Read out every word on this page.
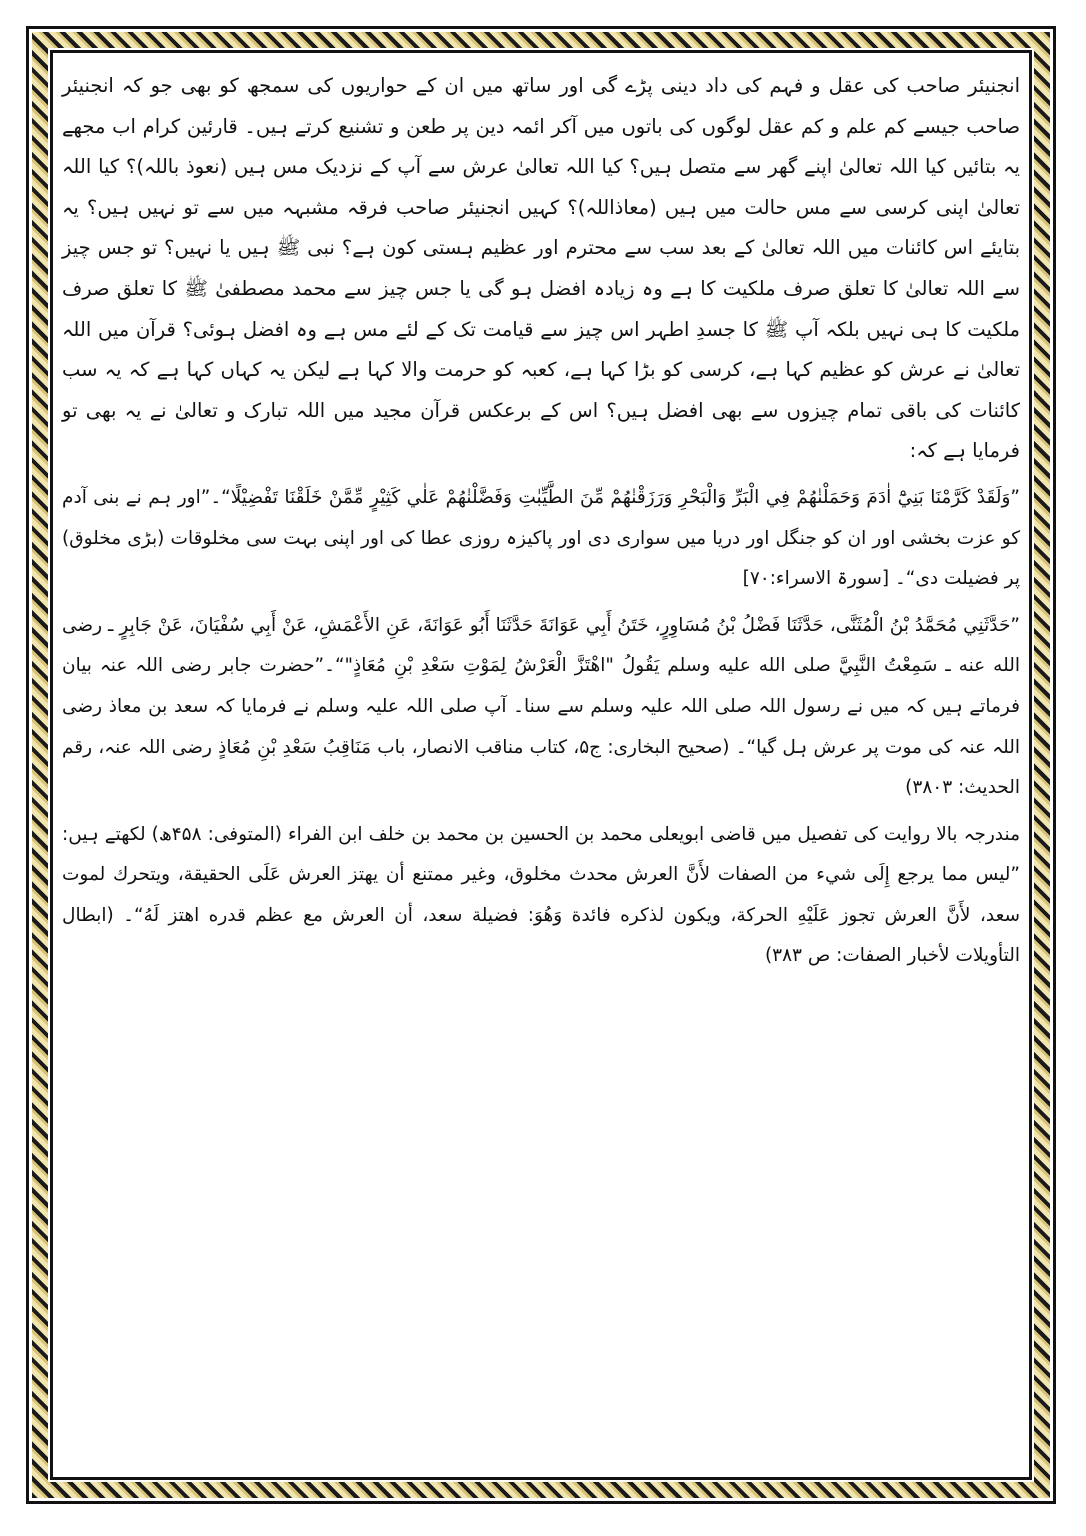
انجنیئر صاحب کی عقل و فہم کی داد دینی پڑے گی اور ساتھ میں ان کے حواریوں کی سمجھ کو بھی جو کہ انجنیئر صاحب جیسے کم علم و کم عقل لوگوں کی باتوں میں آکر ائمہ دین پر طعن و تشنیع کرتے ہیں۔ قارئین کرام اب مجھے یہ بتائیں کیا اللہ تعالیٰ اپنے گھر سے متصل ہیں؟ کیا اللہ تعالیٰ عرش سے آپ کے نزدیک مس ہیں (نعوذ باللہ)؟ کیا اللہ تعالیٰ اپنی کرسی سے مس حالت میں ہیں (معاذاللہ)؟ کہیں انجنیئر صاحب فرقہ مشبہہ میں سے تو نہیں ہیں؟ یہ بتایئے اس کائنات میں اللہ تعالیٰ کے بعد سب سے محترم اور عظیم ہستی کون ہے؟ نبی ﷺ ہیں یا نہیں؟ تو جس چیز سے اللہ تعالیٰ کا تعلق صرف ملکیت کا ہے وہ زیادہ افضل ہو گی یا جس چیز سے محمد مصطفیٰ ﷺ کا تعلق صرف ملکیت کا ہی نہیں بلکہ آپ ﷺ کا جسدِ اطہر اس چیز سے قیامت تک کے لئے مس ہے وہ افضل ہوئی؟ قرآن میں اللہ تعالیٰ نے عرش کو عظیم کہا ہے، کرسی کو بڑا کہا ہے، کعبہ کو حرمت والا کہا ہے لیکن یہ کہاں کہا ہے کہ یہ سب کائنات کی باقی تمام چیزوں سے بھی افضل ہیں؟ اس کے برعکس قرآن مجید میں اللہ تبارک و تعالیٰ نے یہ بھی تو فرمایا ہے کہ:

”وَلَقَدْ كَرَّمْنَا بَنِيْٓ اٰدَمَ وَحَمَلْنٰهُمْ فِي الْبَرِّ وَالْبَحْرِ وَرَزَقْنٰهُمْ مِّنَ الطَّيِّبٰتِ وَفَضَّلْنٰهُمْ عَلٰي كَثِيْرٍ مِّمَّنْ خَلَقْنَا تَفْضِيْلًا“۔”اور ہم نے بنی آدم کو عزت بخشی اور ان کو جنگل اور دریا میں سواری دی اور پاکیزہ روزی عطا کی اور اپنی بہت سی مخلوقات (بڑی مخلوق) پر فضیلت دی“۔ [سورۃ الاسراء:۷۰]

”حَدَّثَنِي مُحَمَّدُ بْنُ الْمُثَنَّى، حَدَّثَنَا فَضْلُ بْنُ مُسَاوِرٍ، خَتَنُ أَبِي عَوَانَةَ حَدَّثَنَا أَبُو عَوَانَةَ، عَنِ الأَعْمَشِ، عَنْ أَبِي سُفْيَانَ، عَنْ جَابِرٍ ـ رضى الله عنه ـ سَمِعْتُ النَّبِيَّ صلى الله عليه وسلم يَقُولُ "اهْتَزَّ الْعَرْشُ لِمَوْتِ سَعْدِ بْنِ مُعَاذٍ"“۔”حضرت جابر رضی اللہ عنہ بیان فرماتے ہیں کہ میں نے رسول اللہ صلی اللہ علیہ وسلم سے سنا۔ آپ صلی اللہ علیہ وسلم نے فرمایا کہ سعد بن معاذ رضی اللہ عنہ کی موت پر عرش ہل گیا“۔ (صحیح البخاری: ج۵، کتاب مناقب الانصار، باب مَنَاقِبُ سَعْدِ بْنِ مُعَاذٍ رضی اللہ عنہ، رقم الحدیث: ۳۸۰۳)

مندرجہ بالا روایت کی تفصیل میں قاضی ابویعلی محمد بن الحسین بن محمد بن خلف ابن الفراء (المتوفی: ۴۵۸ھ) لکھتے ہیں: ”ليس مما يرجع إِلَى شيء من الصفات لأَنَّ العرش محدث مخلوق، وغير ممتنع أن يهتز العرش عَلَى الحقيقة، ويتحرك لموت سعد، لأَنَّ العرش تجوز عَلَيْهِ الحركة، ويكون لذكره فائدة وَهُوَ: فضيلة سعد، أن العرش مع عظم قدره اهتز لَهُ“۔ (ابطال التأویلات لأخبار الصفات: ص ۳۸۳)
